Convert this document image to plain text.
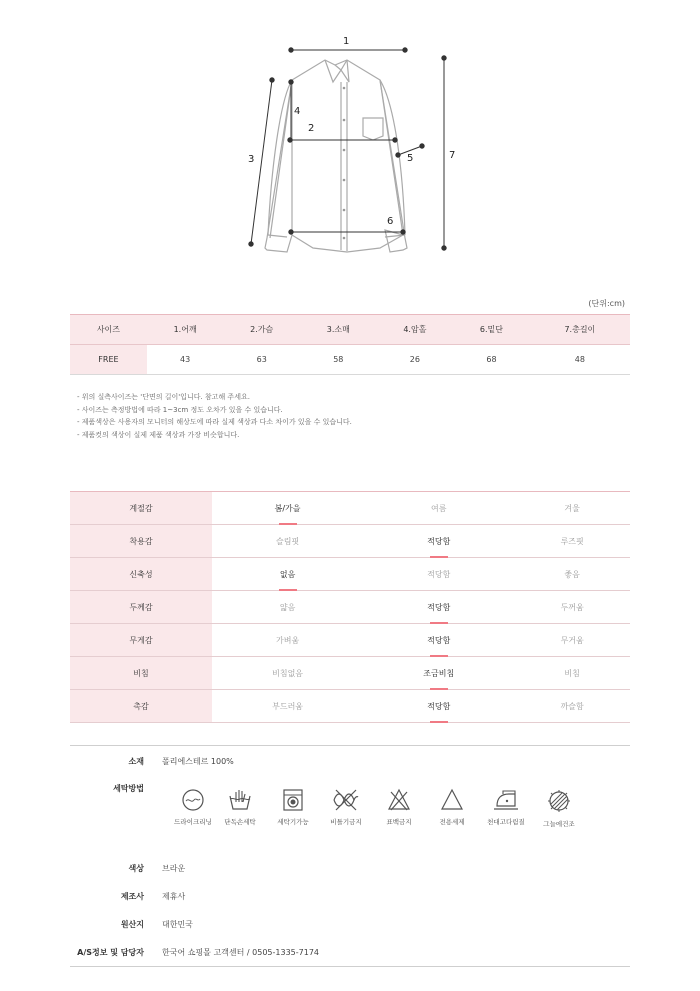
1
2
3
4
5
6
7
(단위:cm)
사이즈	1.어깨	2.가슴	3.소매	4.암홀	6.밑단	7.총길이
FREE	43	63	58	26	68	48
- 위의 실측사이즈는 '단면의 길이'입니다. 참고해 주세요.
- 사이즈는 측정방법에 따라 1~3cm 정도 오차가 있을 수 있습니다.
- 제품색상은 사용자의 모니터의 해상도에 따라 실제 색상과 다소 차이가 있을 수 있습니다.
- 제품컷의 색상이 실제 제품 색상과 가장 비슷합니다.
계절감	봄/가을	여름	겨울
착용감	슬림핏	적당함	루즈핏
신축성	없음	적당함	좋음
두께감	얇음	적당함	두꺼움
무게감	가벼움	적당함	무거움
비침	비침없음	조금비침	비침
촉감	부드러움	적당함	까슬함
소재 폴리에스테르 100%
세탁방법
드라이크리닝	단독손세탁	세탁기가능	비틀기금지	표백금지	전용세제	천대고다림질	그늘에건조
색상 브라운
제조사 제휴사
원산지 대한민국
A/S정보 및 담당자 한국어 쇼핑몰 고객센터 / 0505-1335-7174
